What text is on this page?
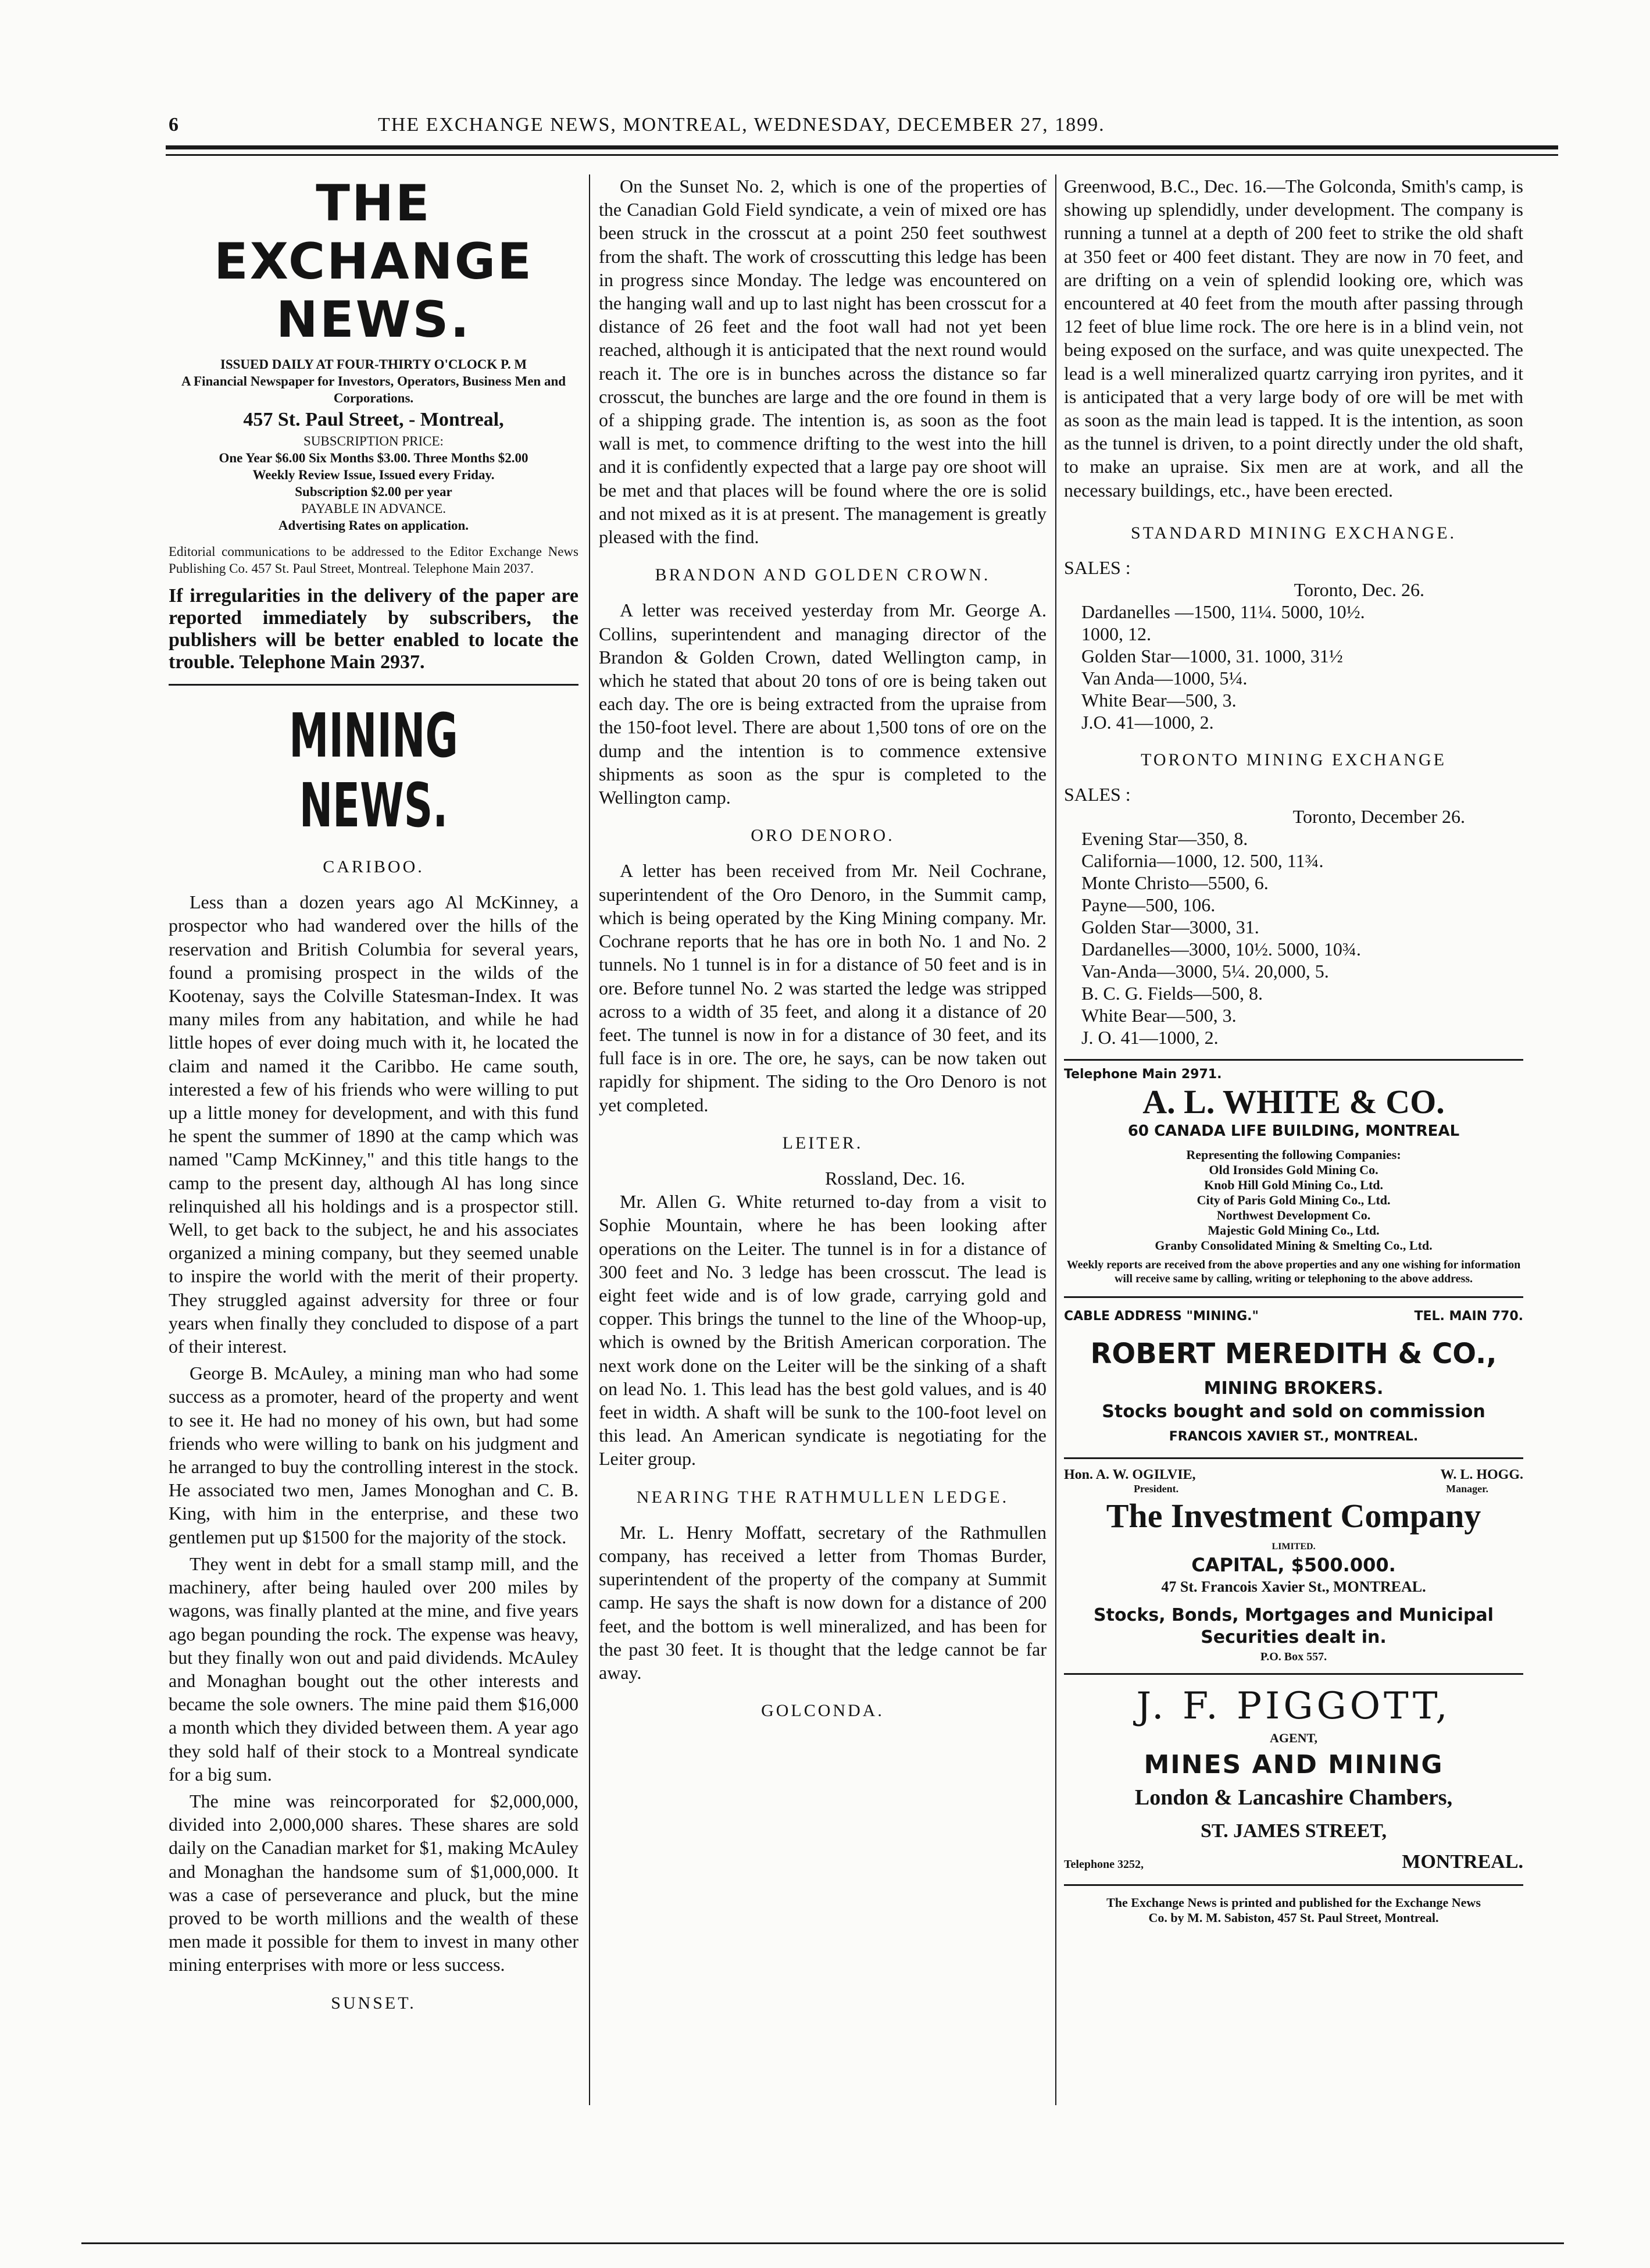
6	THE EXCHANGE NEWS, MONTREAL, WEDNESDAY, DECEMBER 27, 1899.
THE EXCHANGE NEWS.
ISSUED DAILY AT FOUR-THIRTY O'CLOCK P. M
A Financial Newspaper for Investors, Operators, Business Men and Corporations.
457 St. Paul Street, - Montreal,
SUBSCRIPTION PRICE:
One Year $6.00 Six Months $3.00. Three Months $2.00
Weekly Review Issue, Issued every Friday.
Subscription $2.00 per year
PAYABLE IN ADVANCE.
Advertising Rates on application.
Editorial communications to be addressed to the Editor Exchange News Publishing Co. 457 St. Paul Street, Montreal. Telephone Main 2037.
If irregularities in the delivery of the paper are reported immediately by subscribers, the publishers will be better enabled to locate the trouble. Telephone Main 2937.
MINING NEWS.
CARIBOO.

Less than a dozen years ago Al McKinney, a prospector who had wandered over the hills of the reservation and British Columbia for several years, found a promising prospect in the wilds of the Kootenay, says the Colville Statesman-Index. It was many miles from any habitation, and while he had little hopes of ever doing much with it, he located the claim and named it the Caribbo. He came south, interested a few of his friends who were willing to put up a little money for development, and with this fund he spent the summer of 1890 at the camp which was named "Camp McKinney," and this title hangs to the camp to the present day, although Al has long since relinquished all his holdings and is a prospector still. Well, to get back to the subject, he and his associates organized a mining company, but they seemed unable to inspire the world with the merit of their property. They struggled against adversity for three or four years when finally they concluded to dispose of a part of their interest.

George B. McAuley, a mining man who had some success as a promoter, heard of the property and went to see it. He had no money of his own, but had some friends who were willing to bank on his judgment and he arranged to buy the controlling interest in the stock. He associated two men, James Monoghan and C. B. King, with him in the enterprise, and these two gentlemen put up $1500 for the majority of the stock.

They went in debt for a small stamp mill, and the machinery, after being hauled over 200 miles by wagons, was finally planted at the mine, and five years ago began pounding the rock. The expense was heavy, but they finally won out and paid dividends. McAuley and Monaghan bought out the other interests and became the sole owners. The mine paid them $16,000 a month which they divided between them. A year ago they sold half of their stock to a Montreal syndicate for a big sum.

The mine was reincorporated for $2,000,000, divided into 2,000,000 shares. These shares are sold daily on the Canadian market for $1, making McAuley and Monaghan the handsome sum of $1,000,000. It was a case of perseverance and pluck, but the mine proved to be worth millions and the wealth of these men made it possible for them to invest in many other mining enterprises with more or less success.

SUNSET.

On the Sunset No. 2, which is one of the properties of the Canadian Gold Field syndicate, a vein of mixed ore has been struck in the crosscut at a point 250 feet southwest from the shaft. The work of crosscutting this ledge has been in progress since Monday. The ledge was encountered on the hanging wall and up to last night has been crosscut for a distance of 26 feet and the foot wall had not yet been reached, although it is anticipated that the next round would reach it. The ore is in bunches across the distance so far crosscut, the bunches are large and the ore found in them is of a shipping grade. The intention is, as soon as the foot wall is met, to commence drifting to the west into the hill and it is confidently expected that a large pay ore shoot will be met and that places will be found where the ore is solid and not mixed as it is at present. The management is greatly pleased with the find.

BRANDON AND GOLDEN CROWN.

A letter was received yesterday from Mr. George A. Collins, superintendent and managing director of the Brandon & Golden Crown, dated Wellington camp, in which he stated that about 20 tons of ore is being taken out each day. The ore is being extracted from the upraise from the 150-foot level. There are about 1,500 tons of ore on the dump and the intention is to commence extensive shipments as soon as the spur is completed to the Wellington camp.

ORO DENORO.

A letter has been received from Mr. Neil Cochrane, superintendent of the Oro Denoro, in the Summit camp, which is being operated by the King Mining company. Mr. Cochrane reports that he has ore in both No. 1 and No. 2 tunnels. No 1 tunnel is in for a distance of 50 feet and is in ore. Before tunnel No. 2 was started the ledge was stripped across to a width of 35 feet, and along it a distance of 20 feet. The tunnel is now in for a distance of 30 feet, and its full face is in ore. The ore, he says, can be now taken out rapidly for shipment. The siding to the Oro Denoro is not yet completed.

LEITER.
Rossland, Dec. 16.

Mr. Allen G. White returned to-day from a visit to Sophie Mountain, where he has been looking after operations on the Leiter. The tunnel is in for a distance of 300 feet and No. 3 ledge has been crosscut. The lead is eight feet wide and is of low grade, carrying gold and copper. This brings the tunnel to the line of the Whoop-up, which is owned by the British American corporation. The next work done on the Leiter will be the sinking of a shaft on lead No. 1. This lead has the best gold values, and is 40 feet in width. A shaft will be sunk to the 100-foot level on this lead. An American syndicate is negotiating for the Leiter group.

NEARING THE RATHMULLEN LEDGE.

Mr. L. Henry Moffatt, secretary of the Rathmullen company, has received a letter from Thomas Burder, superintendent of the property of the company at Summit camp. He says the shaft is now down for a distance of 200 feet, and the bottom is well mineralized, and has been for the past 30 feet. It is thought that the ledge cannot be far away.

GOLCONDA.

Greenwood, B.C., Dec. 16.—The Golconda, Smith's camp, is showing up splendidly, under development. The company is running a tunnel at a depth of 200 feet to strike the old shaft at 350 feet or 400 feet distant. They are now in 70 feet, and are drifting on a vein of splendid looking ore, which was encountered at 40 feet from the mouth after passing through 12 feet of blue lime rock. The ore here is in a blind vein, not being exposed on the surface, and was quite unexpected. The lead is a well mineralized quartz carrying iron pyrites, and it is anticipated that a very large body of ore will be met with as soon as the main lead is tapped. It is the intention, as soon as the tunnel is driven, to a point directly under the old shaft, to make an upraise. Six men are at work, and all the necessary buildings, etc., have been erected.

STANDARD MINING EXCHANGE.
SALES :
Toronto, Dec. 26.
Dardanelles —1500, 11¼. 5000, 10½.
1000, 12.
Golden Star—1000, 31. 1000, 31½
Van Anda—1000, 5¼.
White Bear—500, 3.
J.O. 41—1000, 2.
TORONTO MINING EXCHANGE
SALES :
Toronto, December 26.
Evening Star—350, 8.
California—1000, 12. 500, 11¾.
Monte Christo—5500, 6.
Payne—500, 106.
Golden Star—3000, 31.
Dardanelles—3000, 10½. 5000, 10¾.
Van-Anda—3000, 5¼. 20,000, 5.
B. C. G. Fields—500, 8.
White Bear—500, 3.
J. O. 41—1000, 2.
Telephone Main 2971.
A. L. WHITE & CO.
60 CANADA LIFE BUILDING, MONTREAL
Representing the following Companies:
Old Ironsides Gold Mining Co.
Knob Hill Gold Mining Co., Ltd.
City of Paris Gold Mining Co., Ltd.
Northwest Development Co.
Majestic Gold Mining Co., Ltd.
Granby Consolidated Mining & Smelting Co., Ltd.
Weekly reports are received from the above properties and any one wishing for information will receive same by calling, writing or telephoning to the above address.
CABLE ADDRESS "MINING."	TEL. MAIN 770.
ROBERT MEREDITH & CO.,
MINING BROKERS.
Stocks bought and sold on commission
FRANCOIS XAVIER ST., MONTREAL.
Hon. A. W. OGILVIE,	W. L. HOGG.
President.	Manager.
The Investment Company
LIMITED.
CAPITAL, $500.000.
47 St. Francois Xavier St., MONTREAL.
Stocks, Bonds, Mortgages and Municipal Securities dealt in.
P.O. Box 557.
J. F. PIGGOTT,
AGENT,
MINES AND MINING
London & Lancashire Chambers,
ST. JAMES STREET,
Telephone 3252,	MONTREAL.
The Exchange News is printed and published for the Exchange News Co. by M. M. Sabiston, 457 St. Paul Street, Montreal.
